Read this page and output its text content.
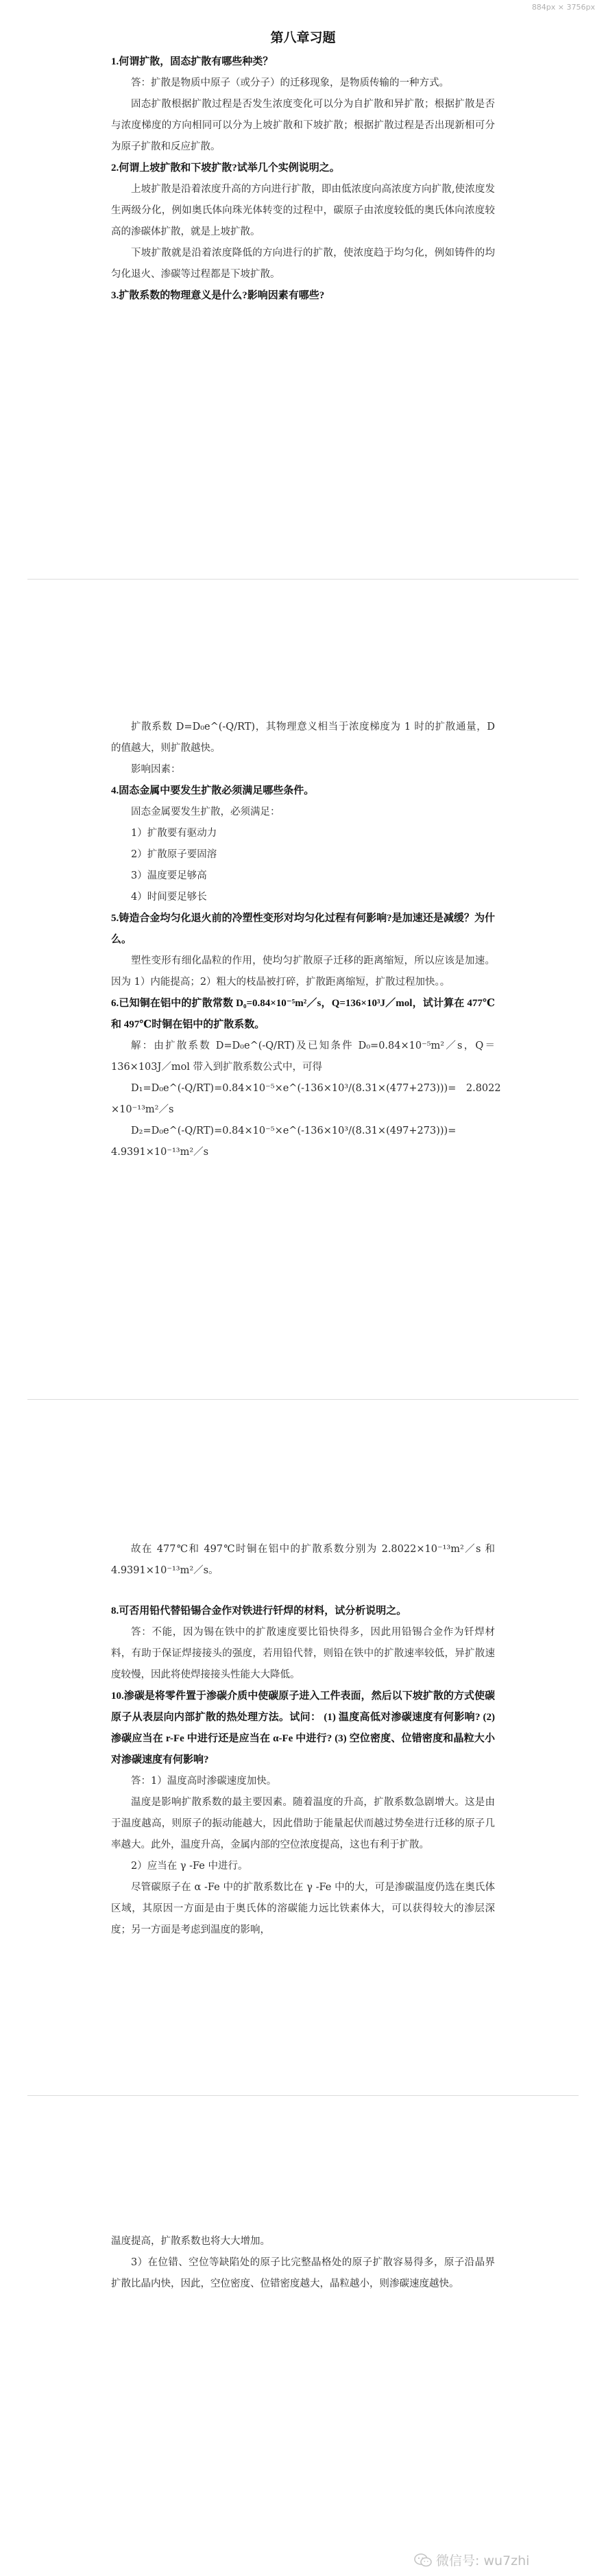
884px × 3756px
第八章习题

1.何谓扩散，固态扩散有哪些种类？

答：扩散是物质中原子（或分子）的迁移现象，是物质传输的一种方式。

固态扩散根据扩散过程是否发生浓度变化可以分为自扩散和异扩散；根据扩散是否与浓度梯度的方向相同可以分为上坡扩散和下坡扩散；根据扩散过程是否出现新相可分为原子扩散和反应扩散。

2.何谓上坡扩散和下坡扩散?试举几个实例说明之。

上坡扩散是沿着浓度升高的方向进行扩散，即由低浓度向高浓度方向扩散,使浓度发生两级分化，例如奥氏体向珠光体转变的过程中，碳原子由浓度较低的奥氏体向浓度较高的渗碳体扩散，就是上坡扩散。

下坡扩散就是沿着浓度降低的方向进行的扩散，使浓度趋于均匀化，例如铸件的均匀化退火、渗碳等过程都是下坡扩散。

3.扩散系数的物理意义是什么?影响因素有哪些?

扩散系数 D=D₀e^(-Q/RT)，其物理意义相当于浓度梯度为 1 时的扩散通量，D 的值越大，则扩散越快。

影响因素：

4.固态金属中要发生扩散必须满足哪些条件。

固态金属要发生扩散，必须满足：

1）扩散要有驱动力

2）扩散原子要固溶

3）温度要足够高

4）时间要足够长

5.铸造合金均匀化退火前的冷塑性变形对均匀化过程有何影响?是加速还是减缓？为什么。

塑性变形有细化晶粒的作用，使均匀扩散原子迁移的距离缩短，所以应该是加速。 因为 1）内能提高；2）粗大的枝晶被打碎，扩散距离缩短，扩散过程加快。。

6.已知铜在铝中的扩散常数 D₀=0.84×10⁻⁵m²／s，Q=136×10³J／mol，试计算在 477℃和 497℃时铜在铝中的扩散系数。

解：由扩散系数 D=D₀e^(-Q/RT)及已知条件 D₀=0.84×10⁻⁵m²／s，Q＝136×103J／mol 带入到扩散系数公式中，可得

D₁=D₀e^(-Q/RT)=0.84×10⁻⁵×e^(-136×10³/(8.31×(477+273)))=　2.8022

×10⁻¹³m²／s

D₂=D₀e^(-Q/RT)=0.84×10⁻⁵×e^(-136×10³/(8.31×(497+273)))=

4.9391×10⁻¹³m²／s

故在 477℃和 497℃时铜在铝中的扩散系数分别为 2.8022×10⁻¹³m²／s 和 4.9391×10⁻¹³m²／s。

8.可否用铅代替铅锡合金作对铁进行钎焊的材料，试分析说明之。

答：不能，因为锡在铁中的扩散速度要比铅快得多，因此用铅锡合金作为钎焊材料，有助于保证焊接接头的强度，若用铅代替，则铅在铁中的扩散速率较低，异扩散速度较慢，因此将使焊接接头性能大大降低。

10.渗碳是将零件置于渗碳介质中使碳原子进入工件表面，然后以下坡扩散的方式使碳原子从表层向内部扩散的热处理方法。试问： (1) 温度高低对渗碳速度有何影响? (2) 渗碳应当在 r-Fe 中进行还是应当在 α-Fe 中进行? (3) 空位密度、位错密度和晶粒大小对渗碳速度有何影响?

答：1）温度高时渗碳速度加快。

温度是影响扩散系数的最主要因素。随着温度的升高，扩散系数急剧增大。这是由于温度越高，则原子的振动能越大，因此借助于能量起伏而越过势垒进行迁移的原子几率越大。此外，温度升高，金属内部的空位浓度提高，这也有利于扩散。

2）应当在 γ -Fe 中进行。

尽管碳原子在 α -Fe 中的扩散系数比在 γ -Fe 中的大，可是渗碳温度仍选在奥氏体区域，其原因一方面是由于奥氏体的溶碳能力远比铁素体大，可以获得较大的渗层深度；另一方面是考虑到温度的影响，

温度提高，扩散系数也将大大增加。

3）在位错、空位等缺陷处的原子比完整晶格处的原子扩散容易得多，原子沿晶界扩散比晶内快，因此，空位密度、位错密度越大，晶粒越小，则渗碳速度越快。

微信号: wu7zhi
